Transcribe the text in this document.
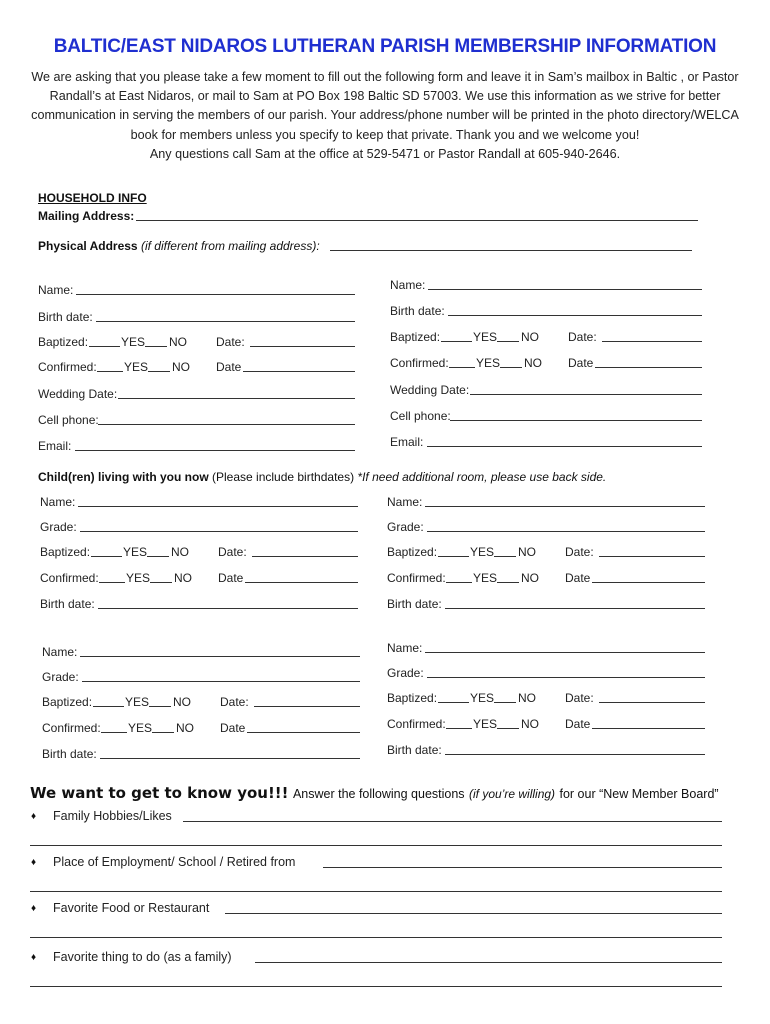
BALTIC/EAST NIDAROS LUTHERAN PARISH MEMBERSHIP INFORMATION
We are asking that you please take a few moment to fill out the following form and leave it in Sam’s mailbox in Baltic , or Pastor Randall’s at East Nidaros, or mail to Sam at PO Box 198 Baltic SD 57003. We use this information as we strive for better communication in serving the members of our parish. Your address/phone number will be printed in the photo directory/WELCA book for members unless you specify to keep that private. Thank you and we welcome you!
Any questions call Sam at the office at 529-5471 or Pastor Randall at 605-940-2646.
HOUSEHOLD INFO
Mailing Address:
Physical Address (if different from mailing address):
Name:
Birth date:
Baptized:	YES NO Date:
Confirmed: YES NO Date
Wedding Date:
Cell phone:
Email:
Name:
Birth date:
Baptized:	YES NO Date:
Confirmed: YES NO Date
Wedding Date:
Cell phone:
Email:
Child(ren) living with you now (Please include birthdates) *If need additional room, please use back side.
Name:
Grade:
Baptized:	YES NO Date:
Confirmed: YES NO Date
Birth date:
Name:
Grade:
Baptized:	YES NO Date:
Confirmed: YES NO Date
Birth date:
Name:
Grade:
Baptized:	YES NO Date:
Confirmed: YES NO Date
Birth date:
Name:
Grade:
Baptized:	YES NO Date:
Confirmed: YES NO Date
Birth date:
We want to get to know you!!! Answer the following questions (if you’re willing) for our “New Member Board”
♦ Family Hobbies/Likes
♦ Place of Employment/ School / Retired from
♦ Favorite Food or Restaurant
♦ Favorite thing to do (as a family)
